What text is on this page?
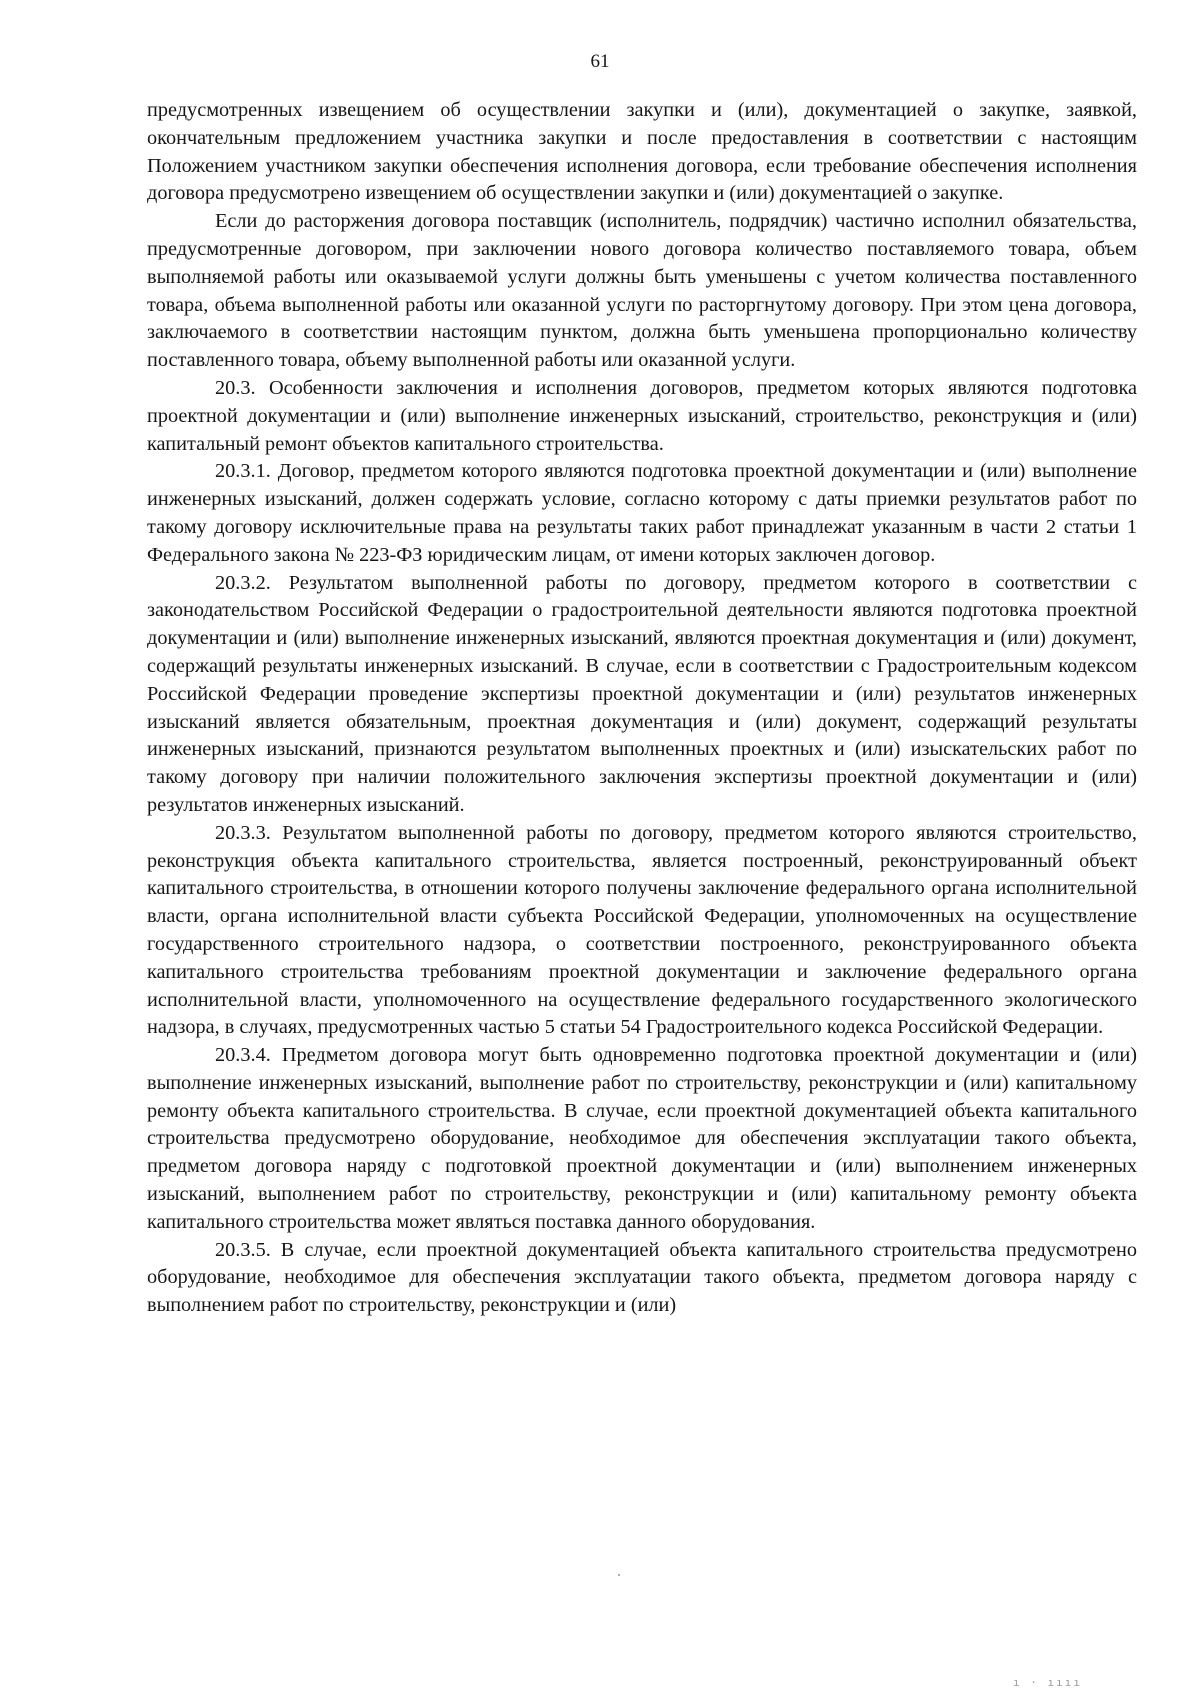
61

предусмотренных извещением об осуществлении закупки и (или), документацией о закупке, заявкой, окончательным предложением участника закупки и после предоставления в соответствии с настоящим Положением участником закупки обеспечения исполнения договора, если требование обеспечения исполнения договора предусмотрено извещением об осуществлении закупки и (или) документацией о закупке.

Если до расторжения договора поставщик (исполнитель, подрядчик) частично исполнил обязательства, предусмотренные договором, при заключении нового договора количество поставляемого товара, объем выполняемой работы или оказываемой услуги должны быть уменьшены с учетом количества поставленного товара, объема выполненной работы или оказанной услуги по расторгнутому договору. При этом цена договора, заключаемого в соответствии настоящим пунктом, должна быть уменьшена пропорционально количеству поставленного товара, объему выполненной работы или оказанной услуги.

20.3. Особенности заключения и исполнения договоров, предметом которых являются подготовка проектной документации и (или) выполнение инженерных изысканий, строительство, реконструкция и (или) капитальный ремонт объектов капитального строительства.

20.3.1. Договор, предметом которого являются подготовка проектной документации и (или) выполнение инженерных изысканий, должен содержать условие, согласно которому с даты приемки результатов работ по такому договору исключительные права на результаты таких работ принадлежат указанным в части 2 статьи 1 Федерального закона № 223-ФЗ юридическим лицам, от имени которых заключен договор.

20.3.2. Результатом выполненной работы по договору, предметом которого в соответствии с законодательством Российской Федерации о градостроительной деятельности являются подготовка проектной документации и (или) выполнение инженерных изысканий, являются проектная документация и (или) документ, содержащий результаты инженерных изысканий. В случае, если в соответствии с Градостроительным кодексом Российской Федерации проведение экспертизы проектной документации и (или) результатов инженерных изысканий является обязательным, проектная документация и (или) документ, содержащий результаты инженерных изысканий, признаются результатом выполненных проектных и (или) изыскательских работ по такому договору при наличии положительного заключения экспертизы проектной документации и (или) результатов инженерных изысканий.

20.3.3. Результатом выполненной работы по договору, предметом которого являются строительство, реконструкция объекта капитального строительства, является построенный, реконструированный объект капитального строительства, в отношении которого получены заключение федерального органа исполнительной власти, органа исполнительной власти субъекта Российской Федерации, уполномоченных на осуществление государственного строительного надзора, о соответствии построенного, реконструированного объекта капитального строительства требованиям проектной документации и заключение федерального органа исполнительной власти, уполномоченного на осуществление федерального государственного экологического надзора, в случаях, предусмотренных частью 5 статьи 54 Градостроительного кодекса Российской Федерации.

20.3.4. Предметом договора могут быть одновременно подготовка проектной документации и (или) выполнение инженерных изысканий, выполнение работ по строительству, реконструкции и (или) капитальному ремонту объекта капитального строительства. В случае, если проектной документацией объекта капитального строительства предусмотрено оборудование, необходимое для обеспечения эксплуатации такого объекта, предметом договора наряду с подготовкой проектной документации и (или) выполнением инженерных изысканий, выполнением работ по строительству, реконструкции и (или) капитальному ремонту объекта капитального строительства может являться поставка данного оборудования.

20.3.5. В случае, если проектной документацией объекта капитального строительства предусмотрено оборудование, необходимое для обеспечения эксплуатации такого объекта, предметом договора наряду с выполнением работ по строительству, реконструкции и (или)

ı · ıııı
